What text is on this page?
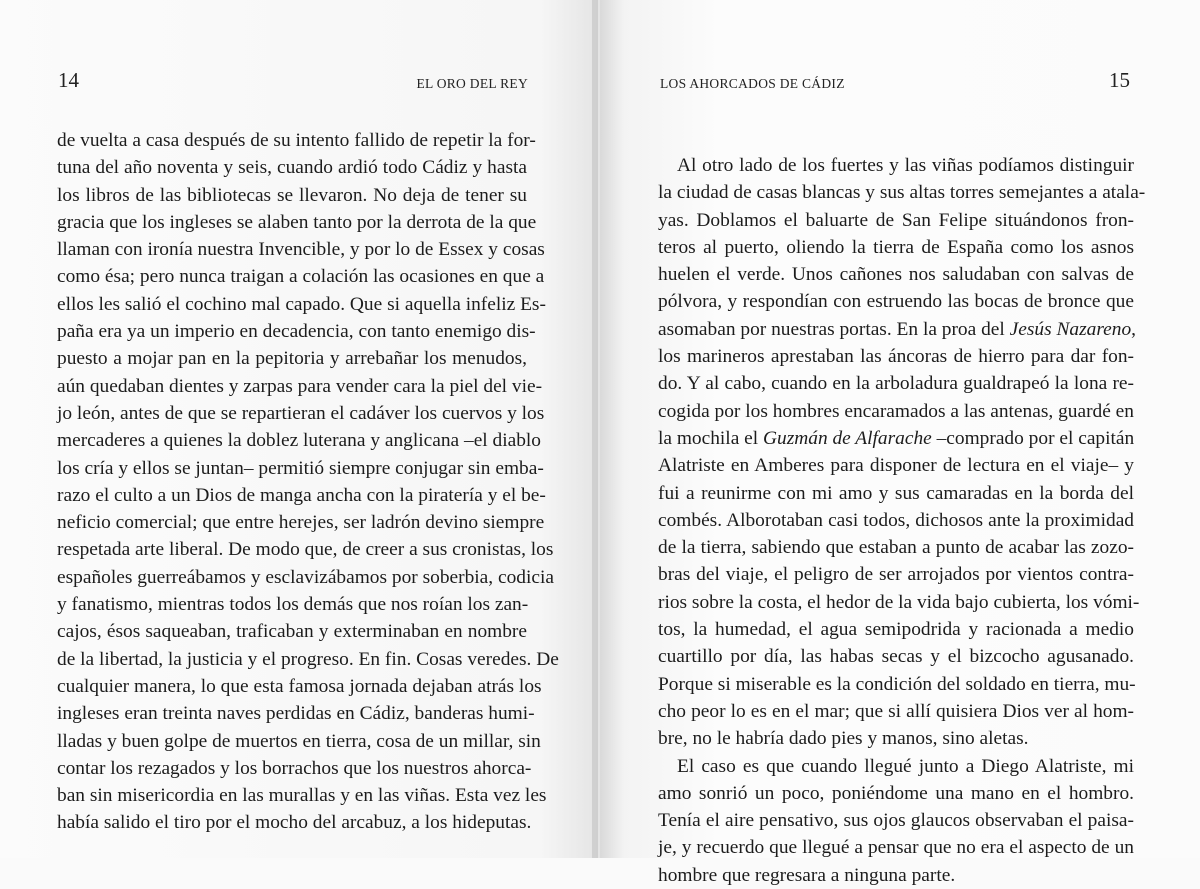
14	EL ORO DEL REY
de vuelta a casa después de su intento fallido de repetir la for-
tuna del año noventa y seis, cuando ardió todo Cádiz y hasta
los libros de las bibliotecas se llevaron. No deja de tener su
gracia que los ingleses se alaben tanto por la derrota de la que
llaman con ironía nuestra Invencible, y por lo de Essex y cosas
como ésa; pero nunca traigan a colación las ocasiones en que a
ellos les salió el cochino mal capado. Que si aquella infeliz Es-
paña era ya un imperio en decadencia, con tanto enemigo dis-
puesto a mojar pan en la pepitoria y arrebañar los menudos,
aún quedaban dientes y zarpas para vender cara la piel del vie-
jo león, antes de que se repartieran el cadáver los cuervos y los
mercaderes a quienes la doblez luterana y anglicana –el diablo
los cría y ellos se juntan– permitió siempre conjugar sin emba-
razo el culto a un Dios de manga ancha con la piratería y el be-
neficio comercial; que entre herejes, ser ladrón devino siempre
respetada arte liberal. De modo que, de creer a sus cronistas, los
españoles guerreábamos y esclavizábamos por soberbia, codicia
y fanatismo, mientras todos los demás que nos roían los zan-
cajos, ésos saqueaban, traficaban y exterminaban en nombre
de la libertad, la justicia y el progreso. En fin. Cosas veredes. De
cualquier manera, lo que esta famosa jornada dejaban atrás los
ingleses eran treinta naves perdidas en Cádiz, banderas humi-
lladas y buen golpe de muertos en tierra, cosa de un millar, sin
contar los rezagados y los borrachos que los nuestros ahorca-
ban sin misericordia en las murallas y en las viñas. Esta vez les
había salido el tiro por el mocho del arcabuz, a los hideputas.
LOS AHORCADOS DE CÁDIZ	15
Al otro lado de los fuertes y las viñas podíamos distinguir
la ciudad de casas blancas y sus altas torres semejantes a atala-
yas. Doblamos el baluarte de San Felipe situándonos fron-
teros al puerto, oliendo la tierra de España como los asnos
huelen el verde. Unos cañones nos saludaban con salvas de
pólvora, y respondían con estruendo las bocas de bronce que
asomaban por nuestras portas. En la proa del Jesús Nazareno,
los marineros aprestaban las áncoras de hierro para dar fon-
do. Y al cabo, cuando en la arboladura gualdrapeó la lona re-
cogida por los hombres encaramados a las antenas, guardé en
la mochila el Guzmán de Alfarache –comprado por el capitán
Alatriste en Amberes para disponer de lectura en el viaje– y
fui a reunirme con mi amo y sus camaradas en la borda del
combés. Alborotaban casi todos, dichosos ante la proximidad
de la tierra, sabiendo que estaban a punto de acabar las zozo-
bras del viaje, el peligro de ser arrojados por vientos contra-
rios sobre la costa, el hedor de la vida bajo cubierta, los vómi-
tos, la humedad, el agua semipodrida y racionada a medio
cuartillo por día, las habas secas y el bizcocho agusanado.
Porque si miserable es la condición del soldado en tierra, mu-
cho peor lo es en el mar; que si allí quisiera Dios ver al hom-
bre, no le habría dado pies y manos, sino aletas.
El caso es que cuando llegué junto a Diego Alatriste, mi
amo sonrió un poco, poniéndome una mano en el hombro.
Tenía el aire pensativo, sus ojos glaucos observaban el paisa-
je, y recuerdo que llegué a pensar que no era el aspecto de un
hombre que regresara a ninguna parte.
